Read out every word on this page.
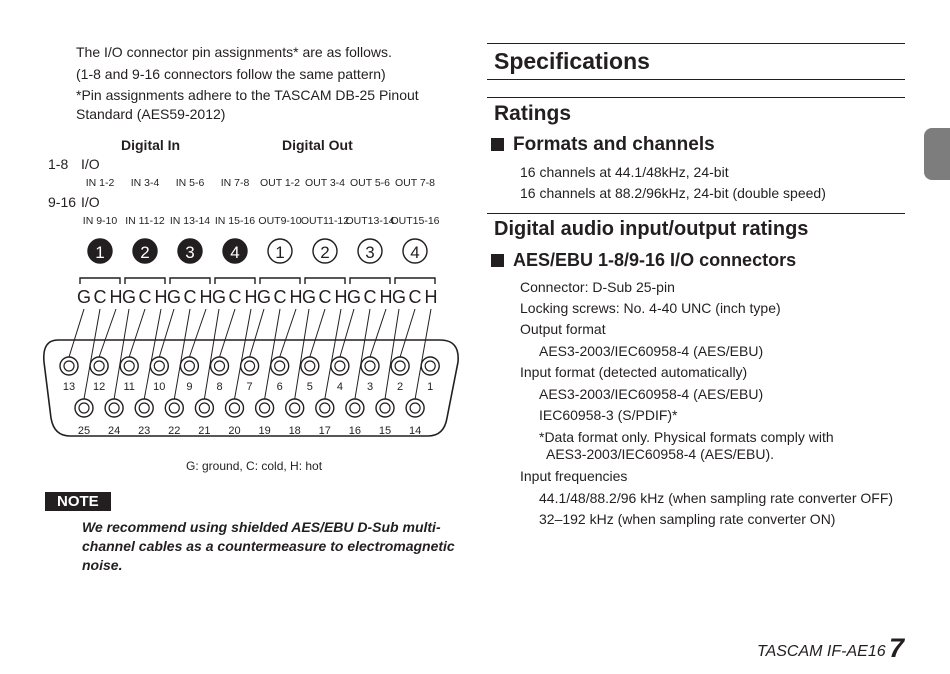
The I/O connector pin assignments* are as follows.
(1-8 and 9-16 connectors follow the same pattern)
*Pin assignments adhere to the TASCAM DB-25 Pinout
Standard (AES59-2012)
Digital In	Digital Out
1-8 I/O
9-16 I/O
IN 1-2 IN 3-4 IN 5-6 IN 7-8 OUT 1-2 OUT 3-4 OUT 5-6 OUT 7-8
IN 9-10 IN 11-12 IN 13-14 IN 15-16 OUT9-10 OUT11-12
OUT13-14
OUT15-16
1 2 3 4 1 2 3 4
G C H G C H G C H G C H G C H G C H G C H G C H
13 12 11 10 9 8 7 6 5 4 3 2 1
25 24 23 22 21 20 19 18 17 16 15 14
G: ground, C: cold, H: hot
NOTE
We recommend using shielded AES/EBU D-Sub multi-channel cables as a countermeasure to electromagnetic noise.
Specifications
Ratings
Formats and channels
16 channels at 44.1/48kHz, 24-bit
16 channels at 88.2/96kHz, 24-bit (double speed)
Digital audio input/output ratings
AES/EBU 1-8/9-16 I/O connectors
Connector: D-Sub 25-pin
Locking screws: No. 4-40 UNC (inch type)
Output format
AES3-2003/IEC60958-4 (AES/EBU)
Input format (detected automatically)
AES3-2003/IEC60958-4 (AES/EBU)
IEC60958-3 (S/PDIF)*
*Data format only. Physical formats comply with
AES3-2003/IEC60958-4 (AES/EBU).
Input frequencies
44.1/48/88.2/96 kHz (when sampling rate converter OFF)
32–192 kHz (when sampling rate converter ON)
TASCAM IF-AE16 7
